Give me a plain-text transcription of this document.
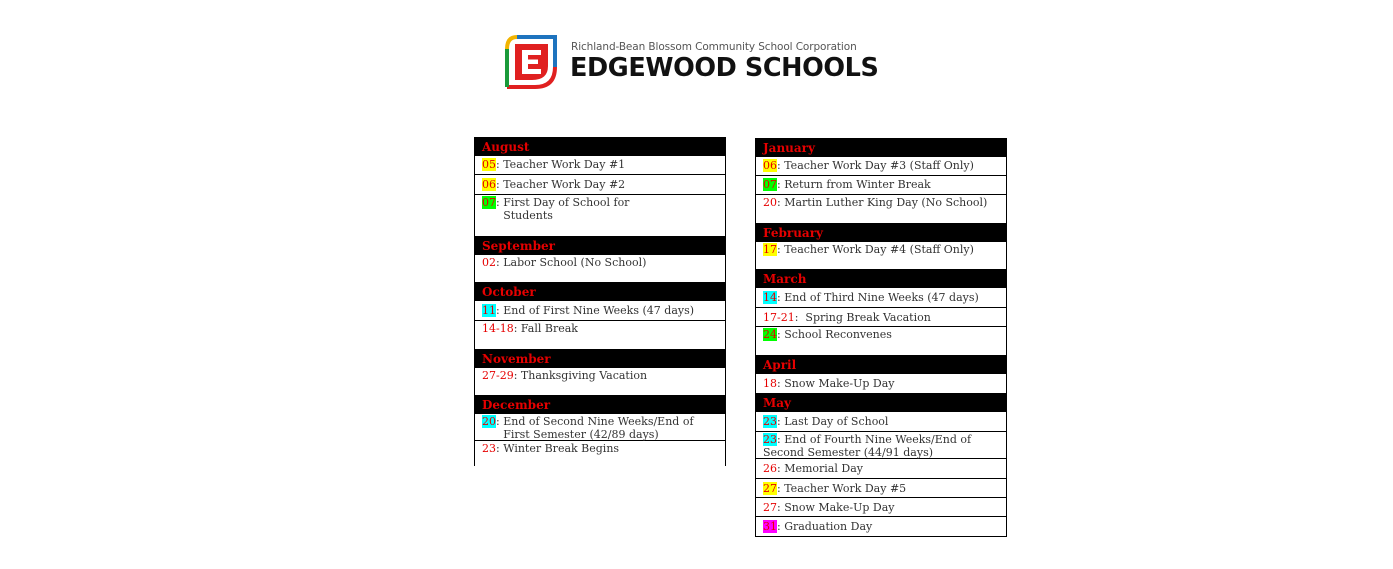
Richland-Bean Blossom Community School Corporation
EDGEWOOD SCHOOLS
August
05 : Teacher Work Day #1
06 : Teacher Work Day #2
07 : First Day of School for Students
September
02 : Labor School (No School)
October
11 : End of First Nine Weeks (47 days)
14-18 : Fall Break
November
27-29 : Thanksgiving Vacation
December
20 : End of Second Nine Weeks/End of First Semester (42/89 days)
23 : Winter Break Begins
January
06 : Teacher Work Day #3 (Staff Only)
07 : Return from Winter Break
20 : Martin Luther King Day (No School)
February
17 : Teacher Work Day #4 (Staff Only)
March
14 : End of Third Nine Weeks (47 days)
17-21 : Spring Break Vacation
24 : School Reconvenes
April
18 : Snow Make-Up Day
May
23 : Last Day of School
23: End of Fourth Nine Weeks/End of Second Semester (44/91 days)
26 : Memorial Day
27 : Teacher Work Day #5
27 : Snow Make-Up Day
31 : Graduation Day
